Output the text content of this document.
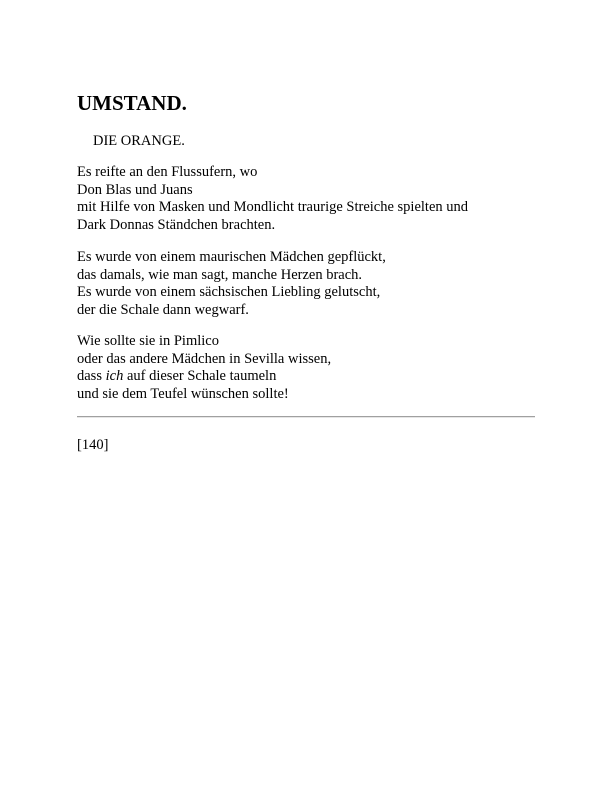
UMSTAND.
DIE ORANGE.
Es reifte an den Flussufern, wo
Don Blas und Juans
mit Hilfe von Masken und Mondlicht traurige Streiche spielten und
Dark Donnas Ständchen brachten.
Es wurde von einem maurischen Mädchen gepflückt,
das damals, wie man sagt, manche Herzen brach.
Es wurde von einem sächsischen Liebling gelutscht,
der die Schale dann wegwarf.
Wie sollte sie in Pimlico
oder das andere Mädchen in Sevilla wissen,
dass ich auf dieser Schale taumeln
und sie dem Teufel wünschen sollte!
[140]
